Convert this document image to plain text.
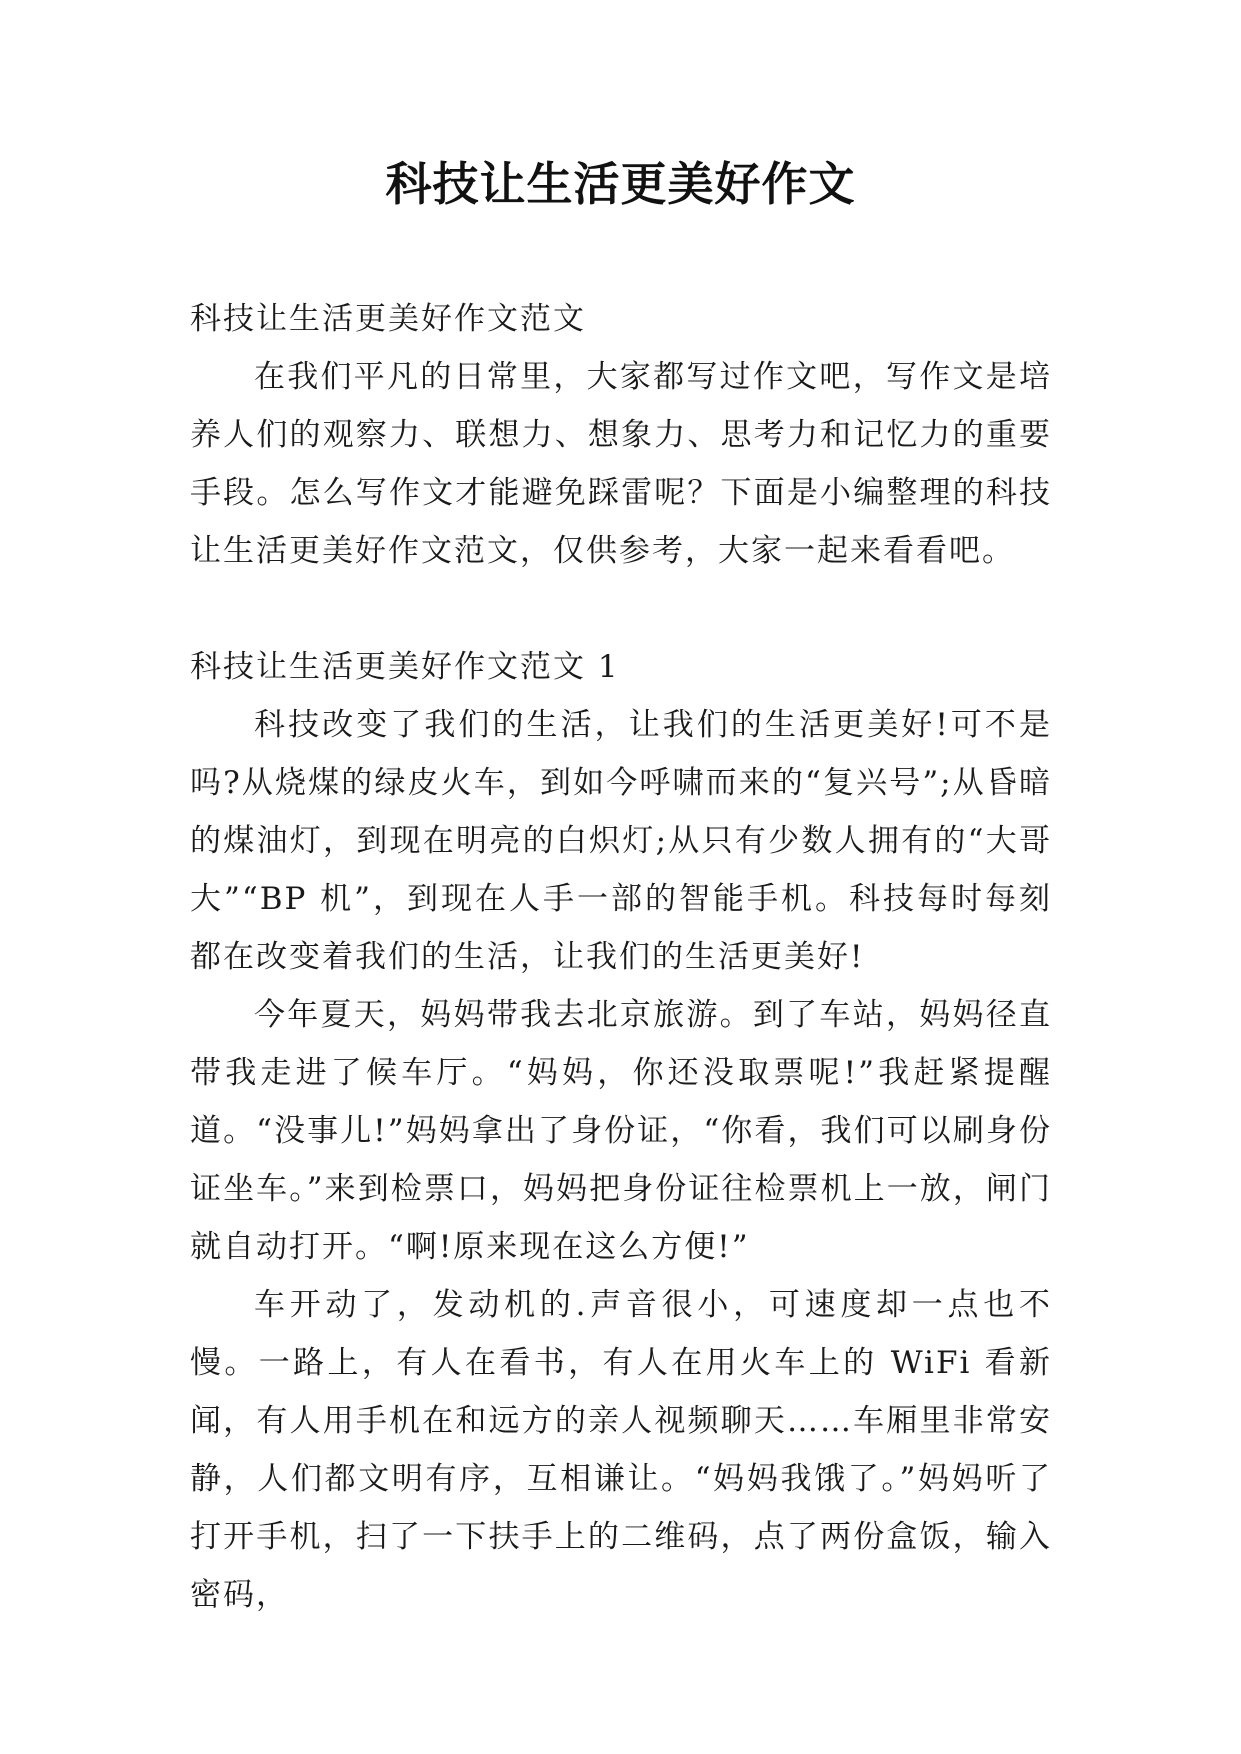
科技让生活更美好作文

科技让生活更美好作文范文

在我们平凡的日常里，大家都写过作文吧，写作文是培养人们的观察力、联想力、想象力、思考力和记忆力的重要手段。怎么写作文才能避免踩雷呢？下面是小编整理的科技让生活更美好作文范文，仅供参考，大家一起来看看吧。

科技让生活更美好作文范文 1

科技改变了我们的生活，让我们的生活更美好!可不是吗?从烧煤的绿皮火车，到如今呼啸而来的“复兴号”;从昏暗的煤油灯，到现在明亮的白炽灯;从只有少数人拥有的“大哥大”“BP 机”，到现在人手一部的智能手机。科技每时每刻都在改变着我们的生活，让我们的生活更美好!

今年夏天，妈妈带我去北京旅游。到了车站，妈妈径直带我走进了候车厅。“妈妈，你还没取票呢!”我赶紧提醒道。“没事儿!”妈妈拿出了身份证，“你看，我们可以刷身份证坐车。”来到检票口，妈妈把身份证往检票机上一放，闸门就自动打开。“啊!原来现在这么方便!”

车开动了，发动机的.声音很小，可速度却一点也不慢。一路上，有人在看书，有人在用火车上的 WiFi 看新闻，有人用手机在和远方的亲人视频聊天……车厢里非常安静，人们都文明有序，互相谦让。“妈妈我饿了。”妈妈听了打开手机，扫了一下扶手上的二维码，点了两份盒饭，输入密码，
